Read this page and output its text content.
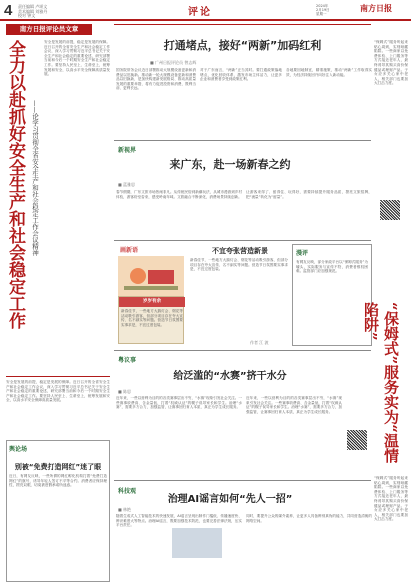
4 责任编辑 卢颂文
美术编辑 刘雅丹
校对 钟文	评论
2024年
2月19日
星期一
南方日报
南方日报评论员文章
全力以赴抓好安全生产和社会稳定工作 ——论学习贯彻全省安全生产和社会稳定工作会议精神
安全是发展的前提，稳定是发展的保障。近日召开的全省安全生产和社会稳定工作会议，深入学习贯彻习近平总书记关于安全生产和社会稳定的重要论述，研究部署当前和今后一个时期安全生产和社会稳定工作。要坚持人民至上、生命至上，统筹发展和安全，以高水平安全保障高质量发展。
安全是发展的前提，稳定是发展的保障。近日召开的全省安全生产和社会稳定工作会议，深入学习贯彻习近平总书记关于安全生产和社会稳定的重要论述，研究部署当前和今后一个时期安全生产和社会稳定工作。要坚持人民至上、生命至上，统筹发展和安全，以高水平安全保障高质量发展。
舆论场
别被“免费打造网红”迷了眼
近日，有网友反映，一些所谓的网红孵化机构打着“免费打造网红”的旗号，诱导年轻人签订不平等合约。消费者应保持理性，擦亮双眼，切莫被虚假承诺所迷惑。
打通堵点，接好“两新”加码红利
■ 广州日报评论员 曾志辉
国务院常务会议近日部署推动大规模设备更新和消费品以旧换新。推动新一轮大规模设备更新和消费品以旧换新，是加快构建新发展格局、推动高质量发展的重要举措，将有力促进投资和消费，既利当前、更利长远。
对于广东而言，“两新”正当其时。要打通政策落地堵点，优化回收体系，激发市场主体活力，让更多企业和消费者享受到政策红利。
各地要因地制宜，精准施策，推动“两新”工作取得实效，为经济持续回升向好注入新动能。
新视界
来广东，赴一场新春之约
■ 蓝雅思
春节假期，广东文旅市场热闹非凡。从传统民俗到新潮玩法，从城市漫游到乡村体验，游客纷至沓来，感受岭南年味。文旅融合不断深化，消费场景持续创新。
让游客来得了、留得住、玩得好，需要持续提升服务品质，擦亮文旅招牌，把“流量”转化为“留量”。
画新语
岁岁有余
新春佳节，一些地方大搞灯会、烟花等活动吸引游客，但部分项目存在夸大宣传、名不副实等问题。营造节日氛围要实事求是，不宜过度包装。
不宜夸张营造新景
新春佳节，一些地方大搞灯会、烟花等活动吸引游客，但部分项目存在夸大宣传、名不副实等问题。营造节日氛围要实事求是，不宜过度包装。
作者 江 波
漫评
有网友反映，部分家政平台以“保姆式服务”为噱头，实际服务与宣传不符，消费者维权困难。监管部门应加强规范。
粤议事
给泛滥的“水赛”挤干水分
■ 陈思
近年来，一些以营利为目的的各类赛事层出不穷，“水赛”现象引发社会关注。一些赛事收费高、含金量低，打着“权威认证”的幌子误导家长和学生。治理“水赛”，需要多方合力，加强监管，让赛事回归育人本质，真正为学生成长服务。
近年来，一些以营利为目的的各类赛事层出不穷，“水赛”现象引发社会关注。一些赛事收费高、含金量低，打着“权威认证”的幌子误导家长和学生。治理“水赛”，需要多方合力，加强监管，让赛事回归育人本质，真正为学生成长服务。
治理AI谣言如何“先人一招”
科技观
■ 林艳
随着生成式人工智能技术的快速发展，AI谣言呈现出制作门槛低、传播速度快、辨识难度大等特点。治理AI谣言，既要加强技术防范，也要完善法律法规，压实平台责任。
同时，要提升公众的媒介素养，让更多人具备辨别真伪的能力，共同营造清朗的网络空间。
“保姆式”服务听起来贴心周到，实则暗藏陷阱。一些商家以免费体验、上门服务等方式接近老年人，最终诱导其购买高价保健品或理财产品。子女应多关心家中老人，相关部门也要加大打击力度。
“保姆式”服务实为“温情陷阱”
“保姆式”服务听起来贴心周到，实则暗藏陷阱。一些商家以免费体验、上门服务等方式接近老年人，最终诱导其购买高价保健品或理财产品。子女应多关心家中老人，相关部门也要加大打击力度。
